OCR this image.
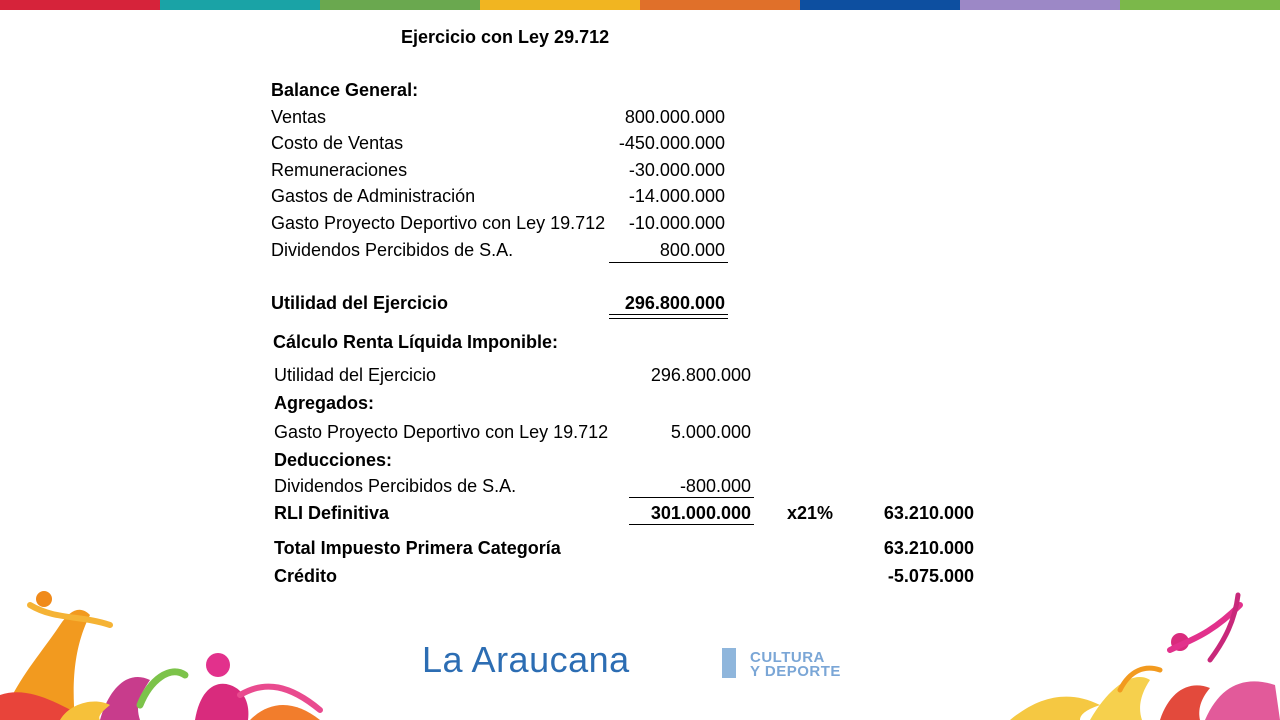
Ejercicio con Ley 29.712
Balance General:
Ventas	800.000.000
Costo de Ventas	-450.000.000
Remuneraciones	-30.000.000
Gastos de Administración	-14.000.000
Gasto Proyecto Deportivo con Ley 19.712	-10.000.000
Dividendos Percibidos de S.A.	800.000
Utilidad del Ejercicio	296.800.000
Cálculo Renta Líquida Imponible:
Utilidad del Ejercicio	296.800.000
Agregados:
Gasto Proyecto Deportivo con Ley 19.712	5.000.000
Deducciones:
Dividendos Percibidos de S.A.	-800.000
RLI Definitiva	301.000.000 x21%	63.210.000
Total Impuesto Primera Categoría	63.210.000
Crédito	-5.075.000
La Araucana	CULTURA
Y DEPORTE
